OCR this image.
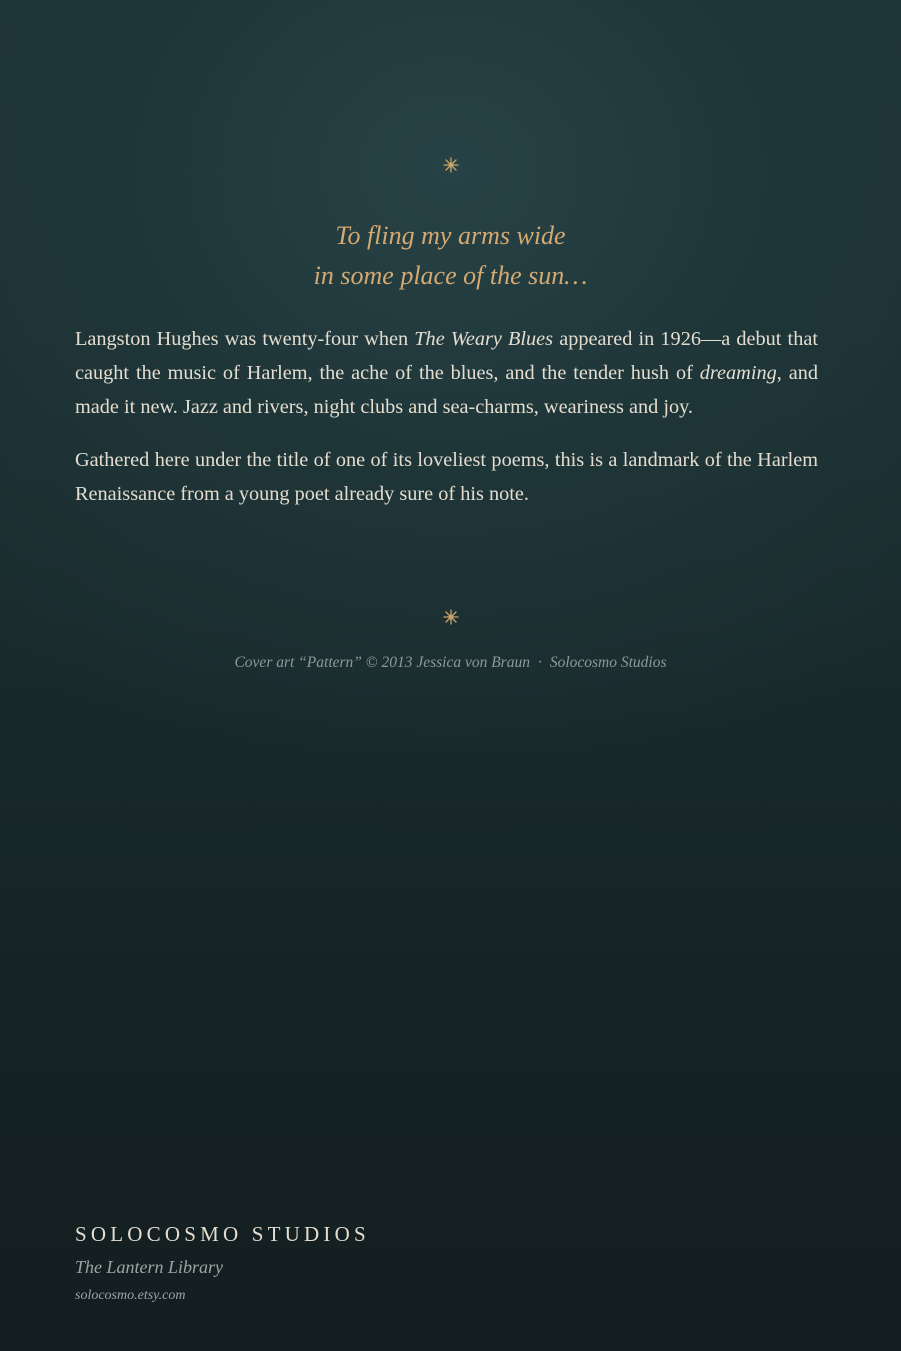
To fling my arms wide
in some place of the sun…

Langston Hughes was twenty-four when The Weary Blues appeared in 1926—a debut that caught the music of Harlem, the ache of the blues, and the tender hush of dreaming, and made it new. Jazz and rivers, night clubs and sea-charms, weariness and joy.

Gathered here under the title of one of its loveliest poems, this is a landmark of the Harlem Renaissance from a young poet already sure of his note.

Cover art “Pattern” © 2013 Jessica von Braun · Solocosmo Studios
SOLOCOSMO STUDIOS
The Lantern Library
solocosmo.etsy.com
